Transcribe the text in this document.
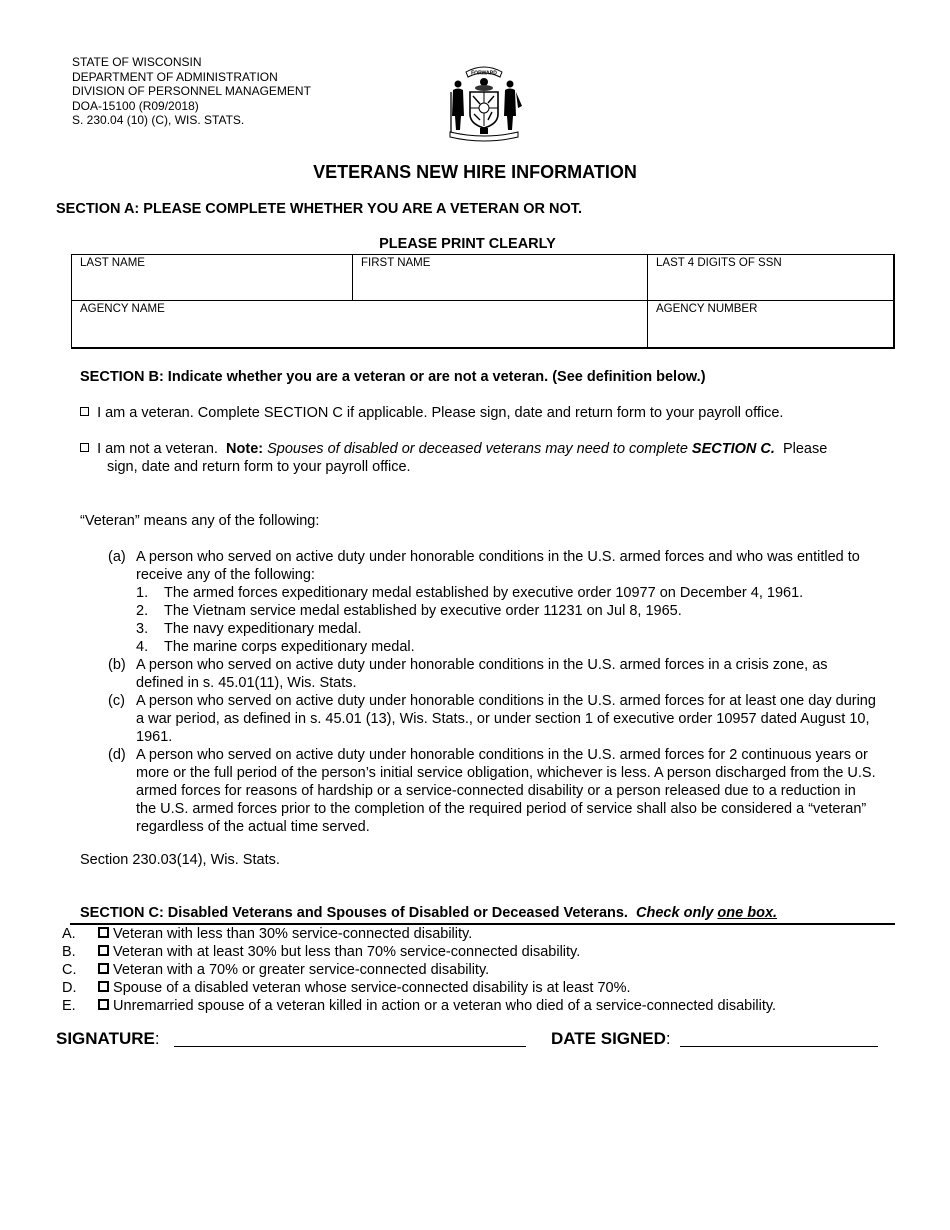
STATE OF WISCONSIN
DEPARTMENT OF ADMINISTRATION
DIVISION OF PERSONNEL MANAGEMENT
DOA-15100 (R09/2018)
S. 230.04 (10) (C), WIS. STATS.
FORWARD
VETERANS NEW HIRE INFORMATION
SECTION A: PLEASE COMPLETE WHETHER YOU ARE A VETERAN OR NOT.
PLEASE PRINT CLEARLY
LAST NAME	FIRST NAME	LAST 4 DIGITS OF SSN
AGENCY NAME	AGENCY NUMBER
SECTION B: Indicate whether you are a veteran or are not a veteran. (See definition below.)
I am a veteran. Complete SECTION C if applicable. Please sign, date and return form to your payroll office.
I am not a veteran. Note: Spouses of disabled or deceased veterans may need to complete SECTION C. Please
sign, date and return form to your payroll office.
“Veteran” means any of the following:
(a) A person who served on active duty under honorable conditions in the U.S. armed forces and who was entitled to receive any of the following:
1. The armed forces expeditionary medal established by executive order 10977 on December 4, 1961.
2. The Vietnam service medal established by executive order 11231 on Jul 8, 1965.
3. The navy expeditionary medal.
4. The marine corps expeditionary medal.
(b) A person who served on active duty under honorable conditions in the U.S. armed forces in a crisis zone, as defined in s. 45.01(11), Wis. Stats.
(c) A person who served on active duty under honorable conditions in the U.S. armed forces for at least one day during a war period, as defined in s. 45.01 (13), Wis. Stats., or under section 1 of executive order 10957 dated August 10, 1961.
(d) A person who served on active duty under honorable conditions in the U.S. armed forces for 2 continuous years or more or the full period of the person’s initial service obligation, whichever is less. A person discharged from the U.S. armed forces for reasons of hardship or a service-connected disability or a person released due to a reduction in the U.S. armed forces prior to the completion of the required period of service shall also be considered a “veteran” regardless of the actual time served.
Section 230.03(14), Wis. Stats.
SECTION C: Disabled Veterans and Spouses of Disabled or Deceased Veterans. Check only one box.
A.	Veteran with less than 30% service-connected disability.
B.	Veteran with at least 30% but less than 70% service-connected disability.
C.	Veteran with a 70% or greater service-connected disability.
D.	Spouse of a disabled veteran whose service-connected disability is at least 70%.
E.	Unremarried spouse of a veteran killed in action or a veteran who died of a service-connected disability.
SIGNATURE:	DATE SIGNED:
